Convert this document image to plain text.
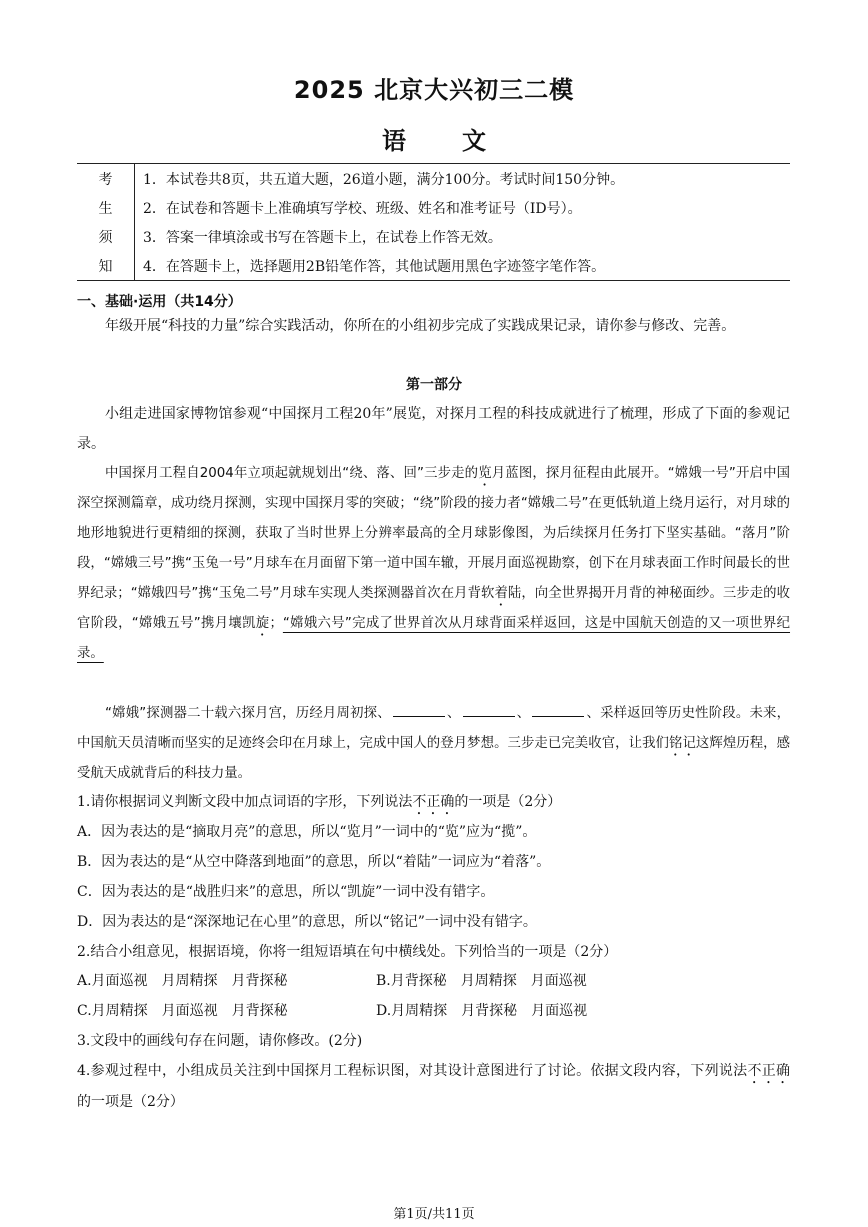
2025 北京大兴初三二模
语 文
考	1．本试卷共8页，共五道大题，26道小题，满分100分。考试时间150分钟。
生	2．在试卷和答题卡上准确填写学校、班级、姓名和准考证号（ID号）。
须	3．答案一律填涂或书写在答题卡上，在试卷上作答无效。
知	4．在答题卡上，选择题用2B铅笔作答，其他试题用黑色字迹签字笔作答。
一、基础·运用（共14分）
年级开展“科技的力量”综合实践活动，你所在的小组初步完成了实践成果记录，请你参与修改、完善。
第一部分
小组走进国家博物馆参观“中国探月工程20年”展览，对探月工程的科技成就进行了梳理，形成了下面的参观记录。
中国探月工程自2004年立项起就规划出“绕、落、回”三步走的览月蓝图，探月征程由此展开。“嫦娥一号”开启中国深空探测篇章，成功绕月探测，实现中国探月零的突破；“绕”阶段的接力者“嫦娥二号”在更低轨道上绕月运行，对月球的地形地貌进行更精细的探测，获取了当时世界上分辨率最高的全月球影像图，为后续探月任务打下坚实基础。“落月”阶段，“嫦娥三号”携“玉兔一号”月球车在月面留下第一道中国车辙，开展月面巡视勘察，创下在月球表面工作时间最长的世界纪录；“嫦娥四号”携“玉兔二号”月球车实现人类探测器首次在月背软着陆，向全世界揭开月背的神秘面纱。三步走的收官阶段，“嫦娥五号”携月壤凯旋；“嫦娥六号”完成了世界首次从月球背面采样返回，这是中国航天创造的又一项世界纪录。
“嫦娥”探测器二十载六探月宫，历经月周初探、	、	、	、采样返回等历史性阶段。未来，中国航天员清晰而坚实的足迹终会印在月球上，完成中国人的登月梦想。三步走已完美收官，让我们铭记这辉煌历程，感受航天成就背后的科技力量。
1.请你根据词义判断文段中加点词语的字形，下列说法不正确的一项是（2分）
A．因为表达的是“摘取月亮”的意思，所以“览月”一词中的“览”应为“揽”。
B．因为表达的是“从空中降落到地面”的意思，所以“着陆”一词应为“着落”。
C．因为表达的是“战胜归来”的意思，所以“凯旋”一词中没有错字。
D．因为表达的是“深深地记在心里”的意思，所以“铭记”一词中没有错字。
2.结合小组意见，根据语境，你将一组短语填在句中横线处。下列恰当的一项是（2分）
A.月面巡视　月周精探　月背探秘	B.月背探秘　月周精探　月面巡视
C.月周精探　月面巡视　月背探秘	D.月周精探　月背探秘　月面巡视
3.文段中的画线句存在问题，请你修改。(2分)
4.参观过程中，小组成员关注到中国探月工程标识图，对其设计意图进行了讨论。依据文段内容，下列说法不正确的一项是（2分）
第1页/共11页
